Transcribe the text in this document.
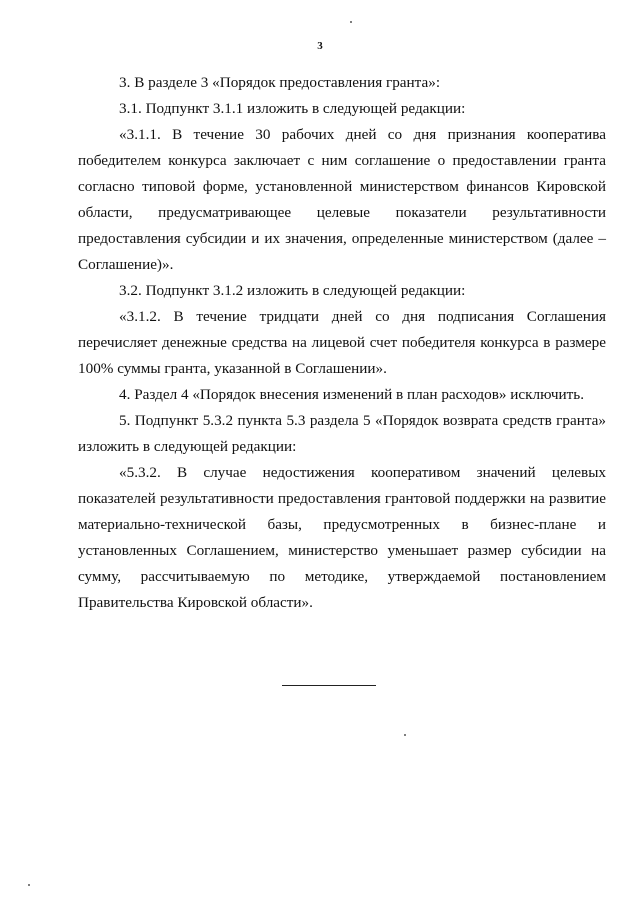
3

3. В разделе 3 «Порядок предоставления гранта»:

3.1. Подпункт 3.1.1 изложить в следующей редакции:

«3.1.1. В течение 30 рабочих дней со дня признания кооператива победителем конкурса заключает с ним соглашение о предоставлении гранта согласно типовой форме, установленной министерством финансов Кировской области, предусматривающее целевые показатели результативности предоставления субсидии и их значения, определенные министерством (далее – Соглашение)».

3.2. Подпункт 3.1.2 изложить в следующей редакции:

«3.1.2. В течение тридцати дней со дня подписания Соглашения перечисляет денежные средства на лицевой счет победителя конкурса в размере 100% суммы гранта, указанной в Соглашении».

4. Раздел 4 «Порядок внесения изменений в план расходов» исключить.

5. Подпункт 5.3.2 пункта 5.3 раздела 5 «Порядок возврата средств гранта» изложить в следующей редакции:

«5.3.2. В случае недостижения кооперативом значений целевых показателей результативности предоставления грантовой поддержки на развитие материально-технической базы, предусмотренных в бизнес-плане и установленных Соглашением, министерство уменьшает размер субсидии на сумму, рассчитываемую по методике, утверждаемой постановлением Правительства Кировской области».
